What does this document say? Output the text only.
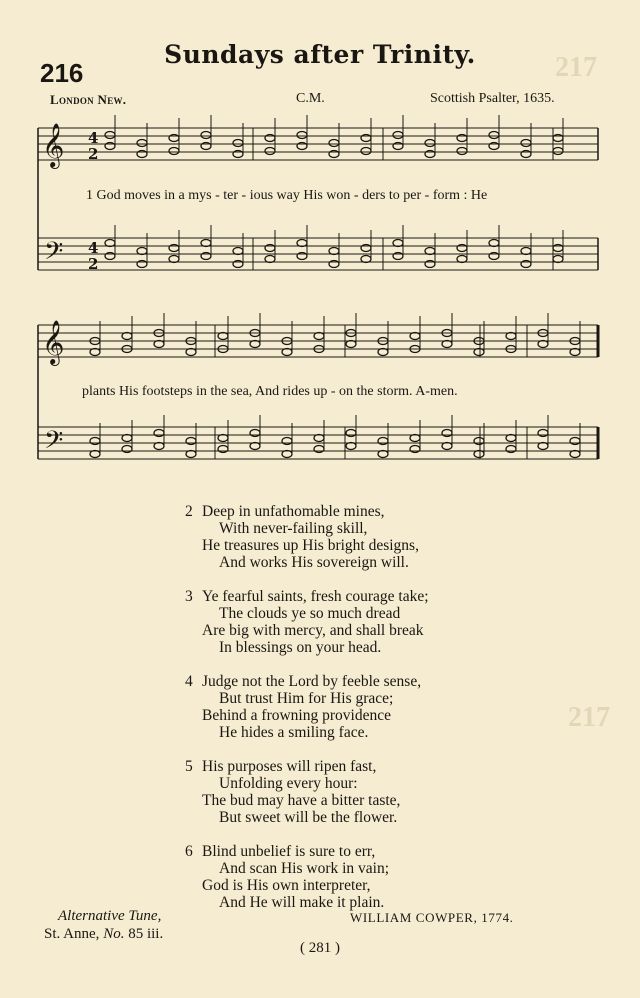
217
217
216
Sundays after Trinity.
London New.	C.M.	Scottish Psalter, 1635.
𝄞
𝄢
𝄞
𝄢
4
2
4
2
1 God moves in a mys - ter - ious way His won - ders to per - form : He
plants His footsteps in the sea, And rides up - on the storm. A-men.
2 Deep in unfathomable mines,
With never-failing skill,
He treasures up His bright designs,
And works His sovereign will.
3 Ye fearful saints, fresh courage take;
The clouds ye so much dread
Are big with mercy, and shall break
In blessings on your head.
4 Judge not the Lord by feeble sense,
But trust Him for His grace;
Behind a frowning providence
He hides a smiling face.
5 His purposes will ripen fast,
Unfolding every hour:
The bud may have a bitter taste,
But sweet will be the flower.
6 Blind unbelief is sure to err,
And scan His work in vain;
God is His own interpreter,
And He will make it plain.
Alternative Tune,
St. Anne, No. 85 iii.
WILLIAM COWPER, 1774.
( 281 )
